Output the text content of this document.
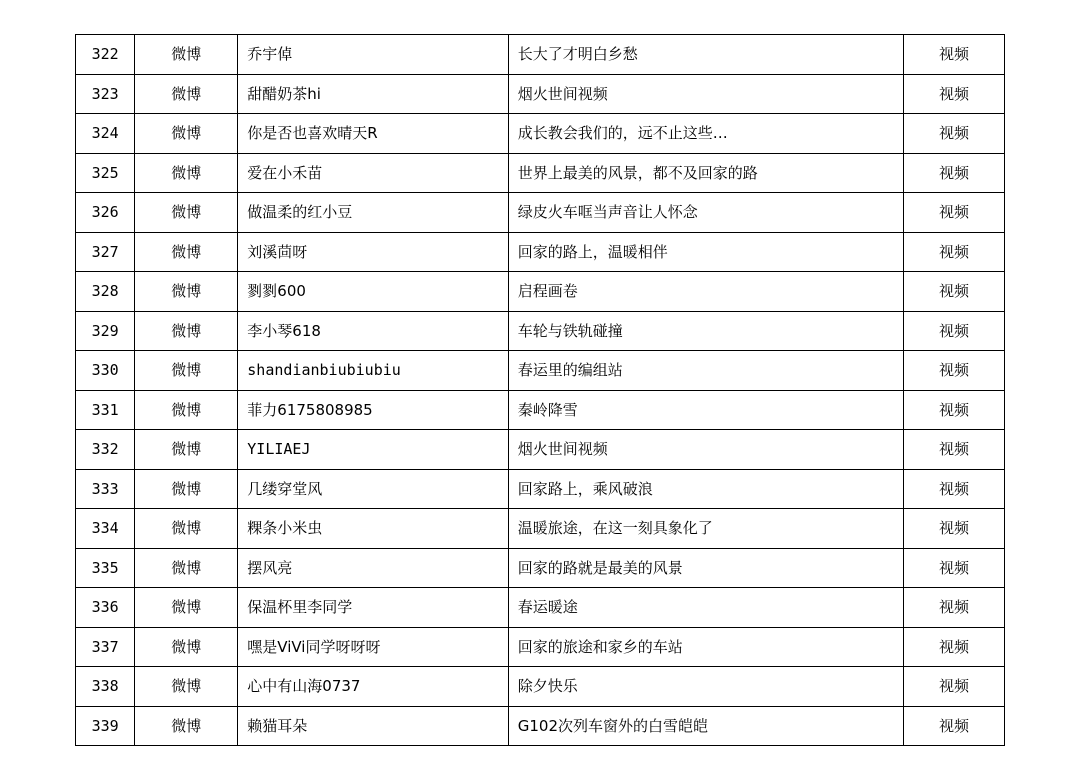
322	微博	乔宇倬	长大了才明白乡愁	视频
323	微博	甜醋奶茶hi	烟火世间视频	视频
324	微博	你是否也喜欢晴天R	成长教会我们的，远不止这些…	视频
325	微博	爱在小禾苗	世界上最美的风景，都不及回家的路	视频
326	微博	做温柔的红小豆	绿皮火车哐当声音让人怀念	视频
327	微博	刘溪茴呀	回家的路上，温暖相伴	视频
328	微博	剹剹600	启程画卷	视频
329	微博	李小琴618	车轮与铁轨碰撞	视频
330	微博	shandianbiubiubiu	春运里的编组站	视频
331	微博	菲力6175808985	秦岭降雪	视频
332	微博	YILIAEJ	烟火世间视频	视频
333	微博	几缕穿堂风	回家路上，乘风破浪	视频
334	微博	粿条小米虫	温暖旅途，在这一刻具象化了	视频
335	微博	摆风亮	回家的路就是最美的风景	视频
336	微博	保温杯里李同学	春运暖途	视频
337	微博	嘿是ViVi同学呀呀呀	回家的旅途和家乡的车站	视频
338	微博	心中有山海0737	除夕快乐	视频
339	微博	赖猫耳朵	G102次列车窗外的白雪皑皑	视频
